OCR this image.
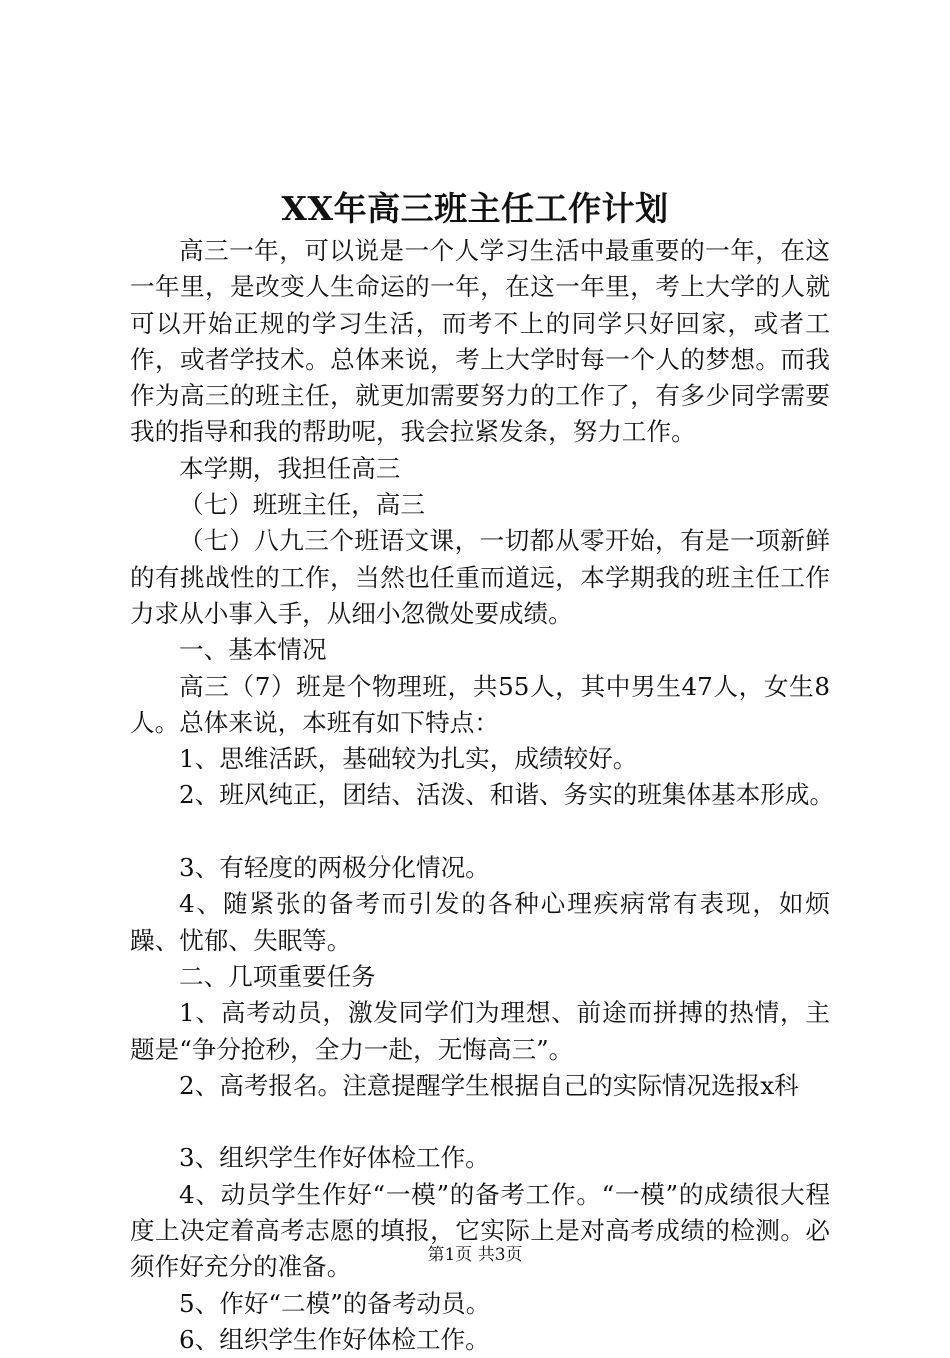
XX年高三班主任工作计划

高三一年，可以说是一个人学习生活中最重要的一年，在这一年里，是改变人生命运的一年，在这一年里，考上大学的人就可以开始正规的学习生活，而考不上的同学只好回家，或者工作，或者学技术。总体来说，考上大学时每一个人的梦想。而我作为高三的班主任，就更加需要努力的工作了，有多少同学需要我的指导和我的帮助呢，我会拉紧发条，努力工作。

本学期，我担任高三

（七）班班主任，高三

（七）八九三个班语文课，一切都从零开始，有是一项新鲜的有挑战性的工作，当然也任重而道远，本学期我的班主任工作力求从小事入手，从细小忽微处要成绩。

一、基本情况

高三（7）班是个物理班，共55人，其中男生47人，女生8人。总体来说，本班有如下特点：

1、思维活跃，基础较为扎实，成绩较好。

2、班风纯正，团结、活泼、和谐、务实的班集体基本形成。

3、有轻度的两极分化情况。

4、随紧张的备考而引发的各种心理疾病常有表现，如烦躁、忧郁、失眠等。

二、几项重要任务

1、高考动员，激发同学们为理想、前途而拼搏的热情，主题是“争分抢秒，全力一赴，无悔高三”。

2、高考报名。注意提醒学生根据自己的实际情况选报x科

3、组织学生作好体检工作。

4、动员学生作好“一模”的备考工作。“一模”的成绩很大程度上决定着高考志愿的填报，它实际上是对高考成绩的检测。必须作好充分的准备。

5、作好“二模”的备考动员。

6、组织学生作好体检工作。

第1页 共3页
